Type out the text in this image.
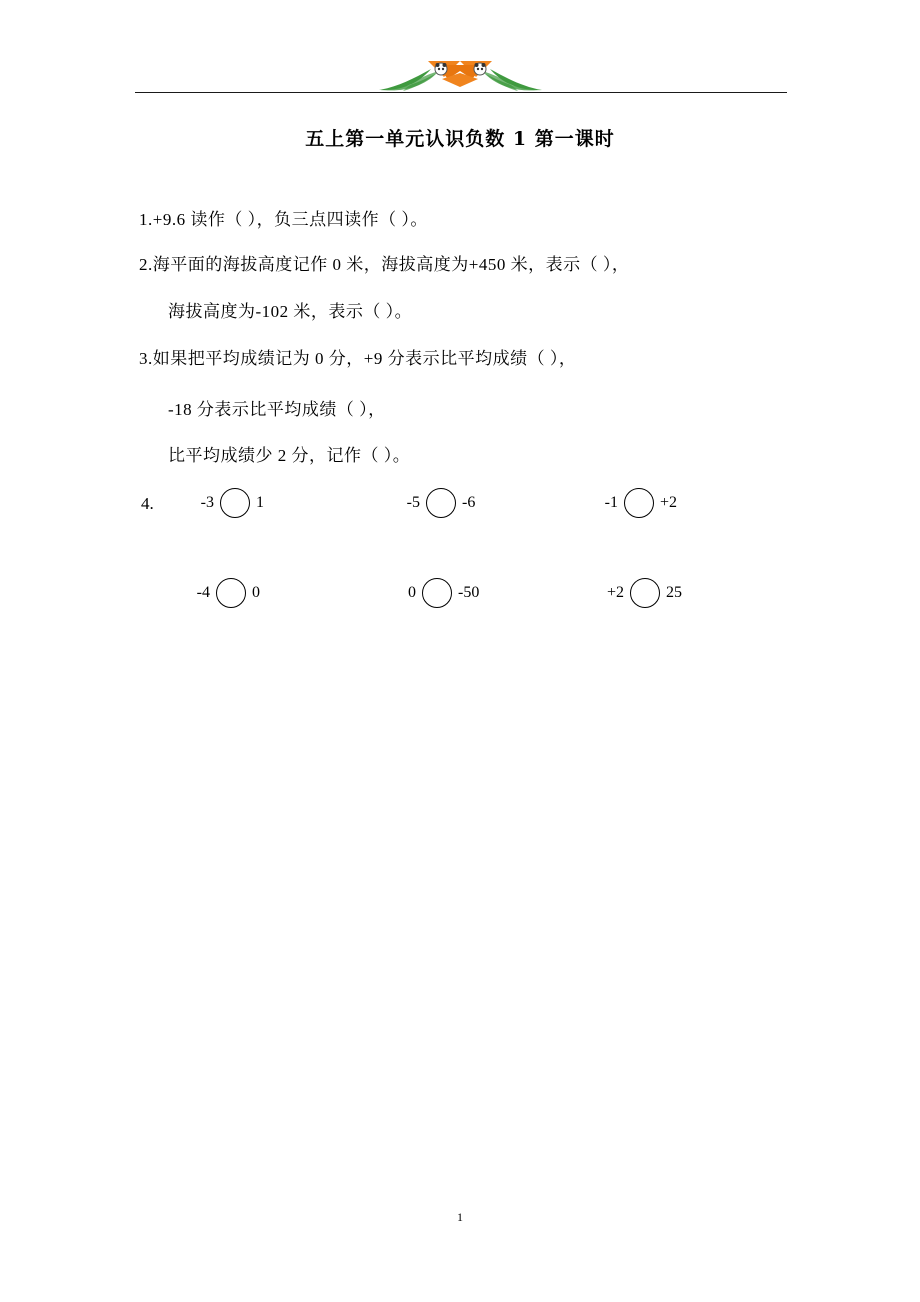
五上第一单元认识负数 1 第一课时
1.+9.6 读作（ ），负三点四读作（ ）。
2.海平面的海拔高度记作 0 米，海拔高度为+450 米，表示（ ），
海拔高度为-102 米，表示（ ）。
3.如果把平均成绩记为 0 分，+9 分表示比平均成绩（ ），
-18 分表示比平均成绩（ ），
比平均成绩少 2 分，记作（ ）。
4.	-3	1	-5	-6	-1	+2
-4	0	0	-50	+2	25
1
